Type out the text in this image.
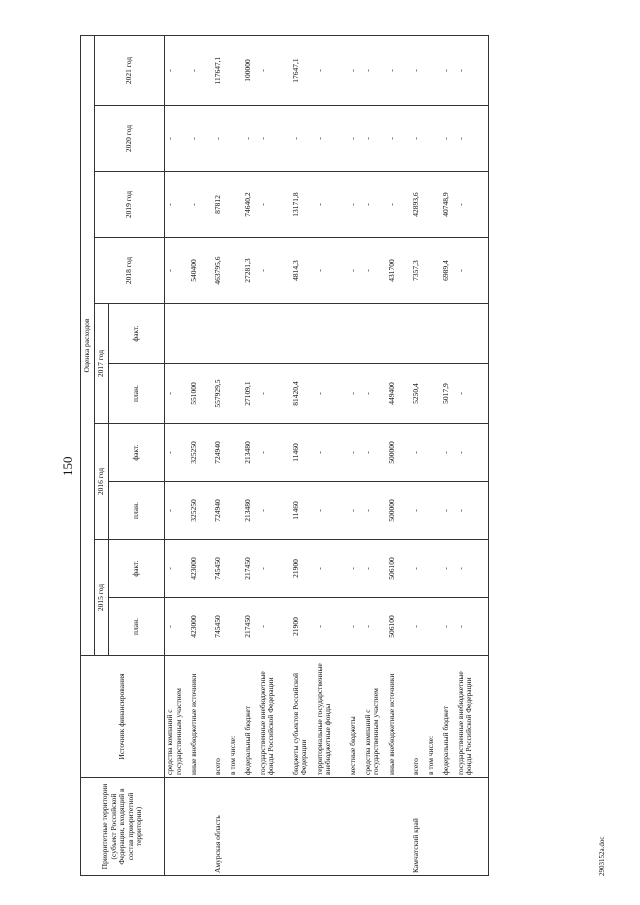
150
Приоритетные территории (субъект Российской Федерации, входящий в состав приоритетной территории)	Источник финансирования	Оценка расходов									
		2015 год		2016 год		2017 год		2018 год	2019 год	2020 год	2021 год
		план.	факт.	план.	факт.	план.	факт.				
	средства компаний с государственным участием	-	-	-	-	-		-	-	-	-
	иные внебюджетные источники	423000	423000	325250	325250	551000		540400	-	-	-
Амурская область	всего	745450	745450	724940	724940	557929,5		463795,6	87812	-	117647,1
	в том числе:										
	федеральный бюджет	217450	217450	213480	213480	27109,1		27281,3	74640,2	-	100000
	государственные внебюджетные фонды Российской Федерации	-	-	-	-	-		-	-	-	-
	бюджеты субъектов Российской Федерации	21900	21900	11460	11460	81420,4		4814,3	13171,8	-	17647,1
	территориальные государственные внебюджетные фонды	-	-	-	-	-		-	-	-	-
	местные бюджеты	-	-	-	-	-		-	-	-	-
	средства компаний с государственным участием	-	-	-	-	-		-	-	-	-
	иные внебюджетные источники	506100	506100	500000	500000	449400		431700	-	-	-
Камчатский край	всего	-	-	-	-	5250,4		7357,3	42893,6	-	-
	в том числе:										
	федеральный бюджет	-	-	-	-	5017,9		6989,4	40748,9	-	-
	государственные внебюджетные фонды Российской Федерации	-	-	-	-	-		-	-	-	-
2903152а.doc
